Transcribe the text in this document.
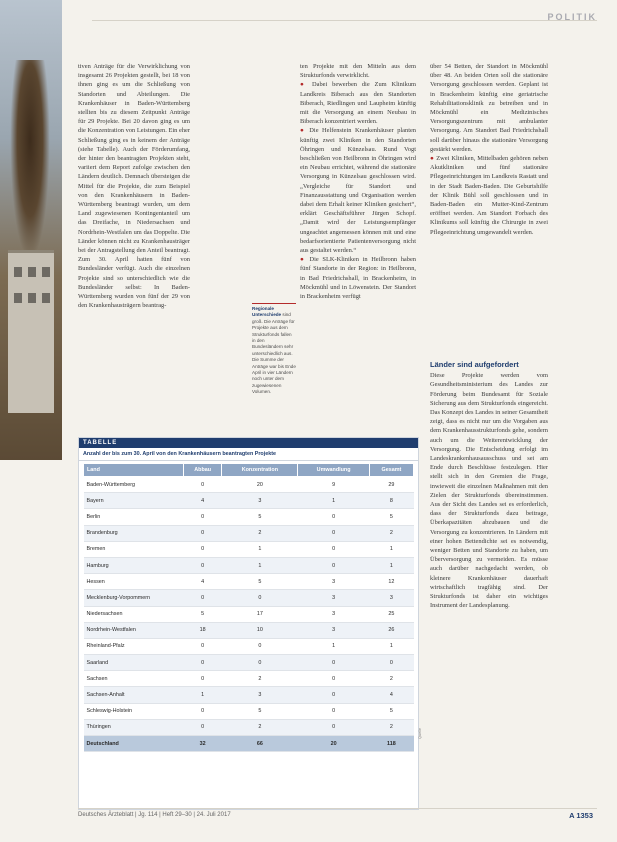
POLITIK

tiven Anträge für die Verwirklichung von insgesamt 26 Projekten gestellt, bei 18 von ihnen ging es um die Schließung von Standorten und Abteilungen. Die Krankenhäuser in Baden-Württemberg stellten bis zu diesem Zeitpunkt Anträge für 29 Projekte. Bei 20 davon ging es um die Konzentration von Leistungen. Ein eher Schließung ging es in keinem der Anträge (siehe Tabelle). Auch der Förderumfang, der hinter den beantragten Projekten steht, variiert dem Report zufolge zwischen den Ländern deutlich. Demnach übersteigen die Mittel für die Projekte, die zum Beispiel von den Krankenhäusern in Baden-Württemberg beantragt wurden, um dem Land zugewiesenen Kontingentanteil um das Dreifache, in Niedersachsen und Nordrhein-Westfalen um das Doppelte. Die Länder können nicht zu Krankenhausträger bei der Antragstellung den Anteil beantragt. Zum 30. April hatten fünf von Bundesländer verfügt. Auch die einzelnen Projekte sind so unterschiedlich wie die Bundesländer selbst: In Baden-Württemberg wurden von fünf der 29 von den Krankenhausträgern beantrag-	Regionale Unterschiede sind groß. Die Anträge für Projekte aus dem Strukturfonds fallen in den Bundesländern sehr unterschiedlich aus. Die Summe der Anträge war bis Ende April in vier Ländern noch unter dem zugewiesenen Volumen.

ten Projekte mit den Mitteln aus dem Strukturfonds verwirklicht.

● Dabei bewerben die Zum Klinikum Landkreis Biberach aus den Standorten Biberach, Riedlingen und Laupheim künftig mit die Versorgung an einem Neubau in Biberach konzentriert werden.

● Die Helfenstein Krankenhäuser planten künftig zwei Kliniken in den Standorten Öhringen und Künzelsau. Rund Vogt beschließen von Heilbronn in Öhringen wird ein Neubau errichtet, während die stationäre Versorgung in Künzelsau geschlossen wird. „Vergleiche für Standort und Finanzausstattung und Organisation werden dabei dem Erhalt keiner Kliniken gesichert“, erklärt Geschäftsführer Jürgen Schopf. „Damit wird der Leistungsempfänger ungeachtet angemessen können mit und eine bedarfsorientierte Patientenversorgung nicht aus gestaltet werden.“

● Die SLK-Kliniken in Heilbronn haben fünf Standorte in der Region: in Heilbronn, in Bad Friedrichshall, in Brackenheim, in Möckmühl und in Löwenstein. Der Standort in Brackenheim verfügt

über 54 Betten, der Standort in Möckmühl über 48. An beiden Orten soll die stationäre Versorgung geschlossen werden. Geplant ist in Brackenheim künftig eine geriatrische Rehabilitationsklinik zu betreiben und in Möckmühl ein Medizinisches Versorgungszentrum mit ambulanter Versorgung. Am Standort Bad Friedrichshall soll darüber hinaus die stationäre Versorgung gestärkt werden.

● Zwei Kliniken, Mittelbaden gehören neben Akutkliniken und fünf stationäre Pflegeeinrichtungen im Landkreis Rastatt und in der Stadt Baden-Baden. Die Geburtshilfe der Klinik Bühl soll geschlossen und in Baden-Baden ein Mutter-Kind-Zentrum eröffnet werden. Am Standort Forbach des Klinikums soll künftig die Chirurgie in zwei Pflegeeinrichtung umgewandelt werden.

Länder sind aufgefordert

Diese Projekte werden vom Gesundheitsministerium des Landes zur Förderung beim Bundesamt für Soziale Sicherung aus dem Strukturfonds eingereicht. Das Konzept des Landes in seiner Gesamtheit zeigt, dass es nicht nur um die Vorgaben aus dem Krankenhausstrukturfonds gehe, sondern auch um die Weiterentwicklung der Versorgung. Die Entscheidung erfolgt im Landeskrankenhausausschuss und sei am Ende durch Beschlüsse festzulegen. Hier stellt sich in den Gremien die Frage, inwieweit die einzelnen Maßnahmen mit den Zielen der Strukturfonds übereinstimmen. Aus der Sicht des Landes sei es erforderlich, dass der Strukturfonds dazu beitrage, Überkapazitäten abzubauen und die Versorgung zu konzentrieren. In Ländern mit einer hohen Bettendichte sei es notwendig, weniger Betten und Standorte zu haben, um Überversorgung zu vermeiden. Es müsse auch darüber nachgedacht werden, ob kleinere Krankenhäuser dauerhaft wirtschaftlich tragfähig sind. Der Strukturfonds ist daher ein wichtiges Instrument der Landesplanung.

TABELLE
Anzahl der bis zum 30. April von den Krankenhäusern beantragten Projekte
Land	Abbau	Konzentration	Umwandlung	Gesamt
Baden-Württemberg	0	20	9	29
Bayern	4	3	1	8
Berlin	0	5	0	5
Brandenburg	0	2	0	2
Bremen	0	1	0	1
Hamburg	0	1	0	1
Hessen	4	5	3	12
Mecklenburg-Vorpommern	0	0	3	3
Niedersachsen	5	17	3	25
Nordrhein-Westfalen	18	10	3	26
Rheinland-Pfalz	0	0	1	1
Saarland	0	0	0	0
Sachsen	0	2	0	2
Sachsen-Anhalt	1	3	0	4
Schleswig-Holstein	0	5	0	5
Thüringen	0	2	0	2
Deutschland	32	66	20	118
Quelle
Deutsches Ärzteblatt | Jg. 114 | Heft 29–30 | 24. Juli 2017	A 1353
